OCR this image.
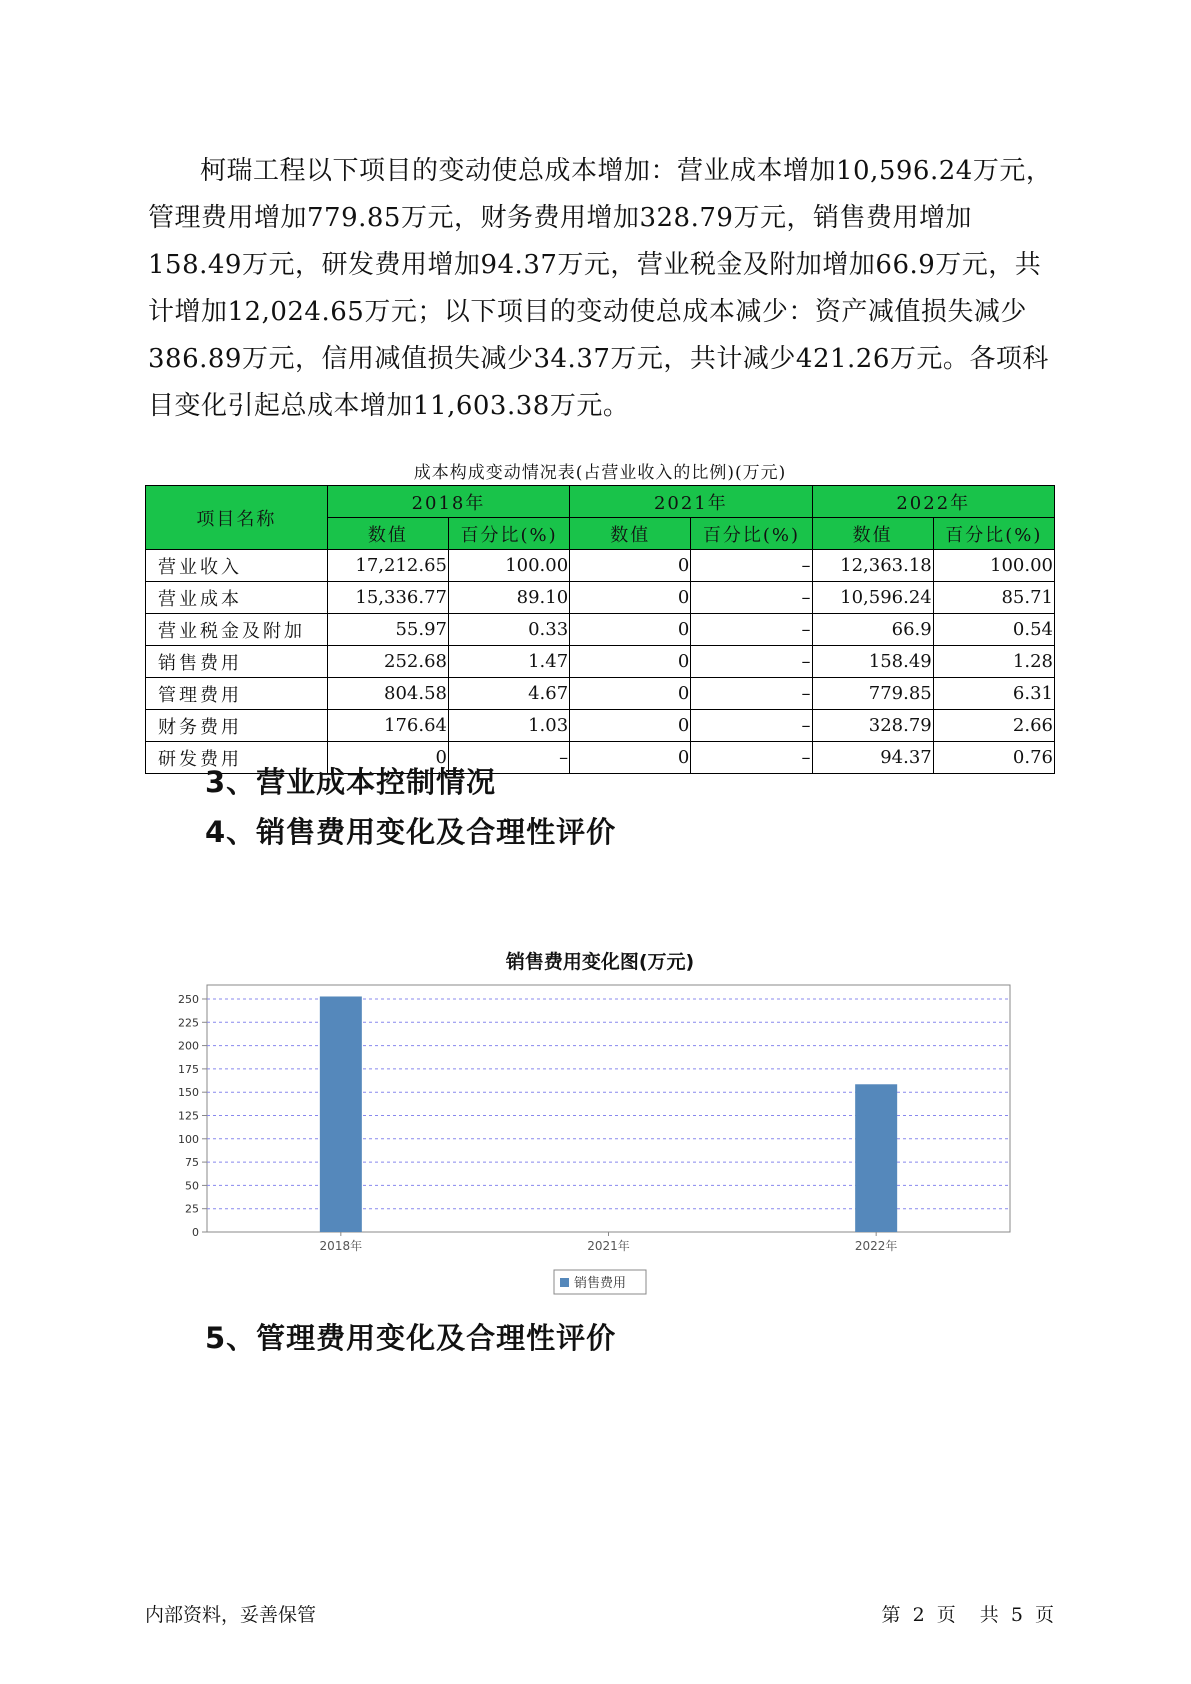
柯瑞工程以下项目的变动使总成本增加：营业成本增加10,596.24万元，管理费用增加779.85万元，财务费用增加328.79万元，销售费用增加158.49万元，研发费用增加94.37万元，营业税金及附加增加66.9万元，共计增加12,024.65万元；以下项目的变动使总成本减少：资产减值损失减少386.89万元，信用减值损失减少34.37万元，共计减少421.26万元。各项科目变化引起总成本增加11,603.38万元。

成本构成变动情况表(占营业收入的比例)(万元)
项目名称	2018年		2021年		2022年	
	数值	百分比(%)	数值	百分比(%)	数值	百分比(%)
营业收入	17,212.65	100.00	0	–	12,363.18	100.00
营业成本	15,336.77	89.10	0	–	10,596.24	85.71
营业税金及附加	55.97	0.33	0	–	66.9	0.54
销售费用	252.68	1.47	0	–	158.49	1.28
管理费用	804.58	4.67	0	–	779.85	6.31
财务费用	176.64	1.03	0	–	328.79	2.66
研发费用	0	–	0	–	94.37	0.76
3、营业成本控制情况
4、销售费用变化及合理性评价
销售费用变化图(万元)
0
25
50
75
100
125
150
175
200
225
250
2018年	2021年	2022年
销售费用
5、管理费用变化及合理性评价
内部资料，妥善保管	第 2 页 共 5 页
